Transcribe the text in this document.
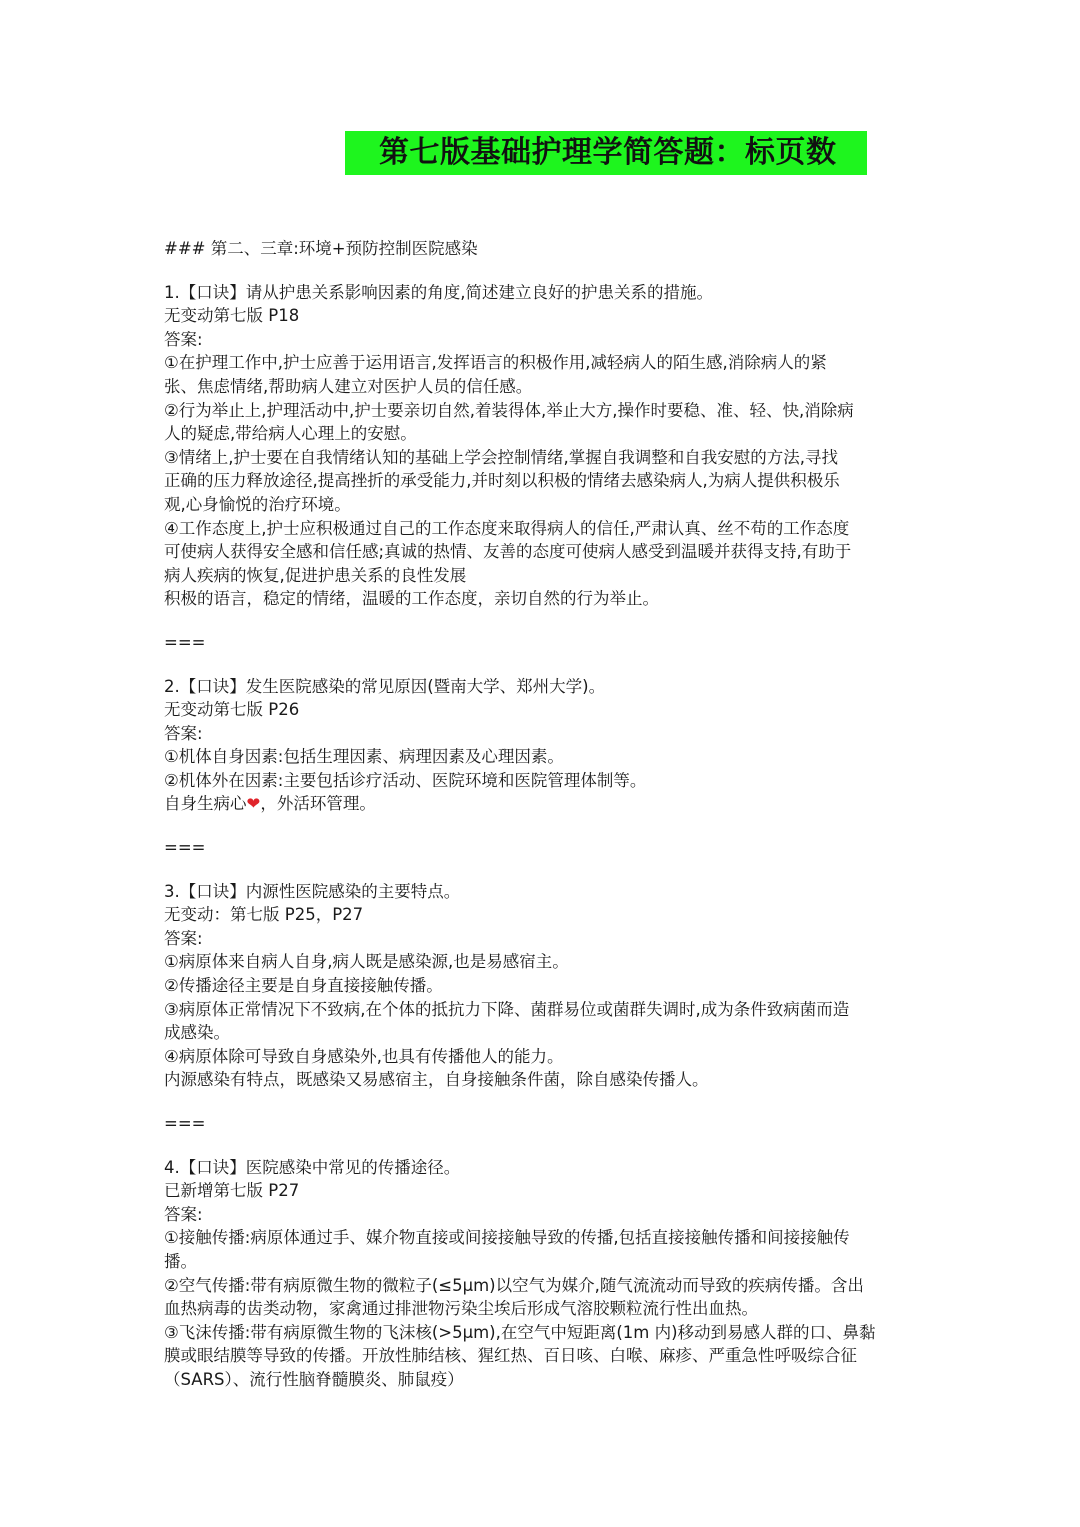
第七版基础护理学简答题：标页数
### 第二、三章:环境+预防控制医院感染
1.【口诀】请从护患关系影响因素的角度,简述建立良好的护患关系的措施。
无变动第七版 P18
答案:
①在护理工作中,护士应善于运用语言,发挥语言的积极作用,减轻病人的陌生感,消除病人的紧
张、焦虑情绪,帮助病人建立对医护人员的信任感。
②行为举止上,护理活动中,护士要亲切自然,着装得体,举止大方,操作时要稳、准、轻、快,消除病
人的疑虑,带给病人心理上的安慰。
③情绪上,护士要在自我情绪认知的基础上学会控制情绪,掌握自我调整和自我安慰的方法,寻找
正确的压力释放途径,提高挫折的承受能力,并时刻以积极的情绪去感染病人,为病人提供积极乐
观,心身愉悦的治疗环境。
④工作态度上,护士应积极通过自己的工作态度来取得病人的信任,严肃认真、丝不苟的工作态度
可使病人获得安全感和信任感;真诚的热情、友善的态度可使病人感受到温暖并获得支持,有助于
病人疾病的恢复,促进护患关系的良性发展
积极的语言，稳定的情绪，温暖的工作态度，亲切自然的行为举止。
===
2.【口诀】发生医院感染的常见原因(暨南大学、郑州大学)。
无变动第七版 P26
答案:
①机体自身因素:包括生理因素、病理因素及心理因素。
②机体外在因素:主要包括诊疗活动、医院环境和医院管理体制等。
自身生病心❤，外活环管理。
===
3.【口诀】内源性医院感染的主要特点。
无变动：第七版 P25，P27
答案:
①病原体来自病人自身,病人既是感染源,也是易感宿主。
②传播途径主要是自身直接接触传播。
③病原体正常情况下不致病,在个体的抵抗力下降、菌群易位或菌群失调时,成为条件致病菌而造
成感染。
④病原体除可导致自身感染外,也具有传播他人的能力。
内源感染有特点，既感染又易感宿主，自身接触条件菌，除自感染传播人。
===
4.【口诀】医院感染中常见的传播途径。
已新增第七版 P27
答案:
①接触传播:病原体通过手、媒介物直接或间接接触导致的传播,包括直接接触传播和间接接触传
播。
②空气传播:带有病原微生物的微粒子(≤5μm)以空气为媒介,随气流流动而导致的疾病传播。含出
血热病毒的齿类动物，家禽通过排泄物污染尘埃后形成气溶胶颗粒流行性出血热。
③飞沫传播:带有病原微生物的飞沫核(>5μm),在空气中短距离(1m 内)移动到易感人群的口、鼻黏
膜或眼结膜等导致的传播。开放性肺结核、猩红热、百日咳、白喉、麻疹、严重急性呼吸综合征
（SARS）、流行性脑脊髓膜炎、肺鼠疫）
